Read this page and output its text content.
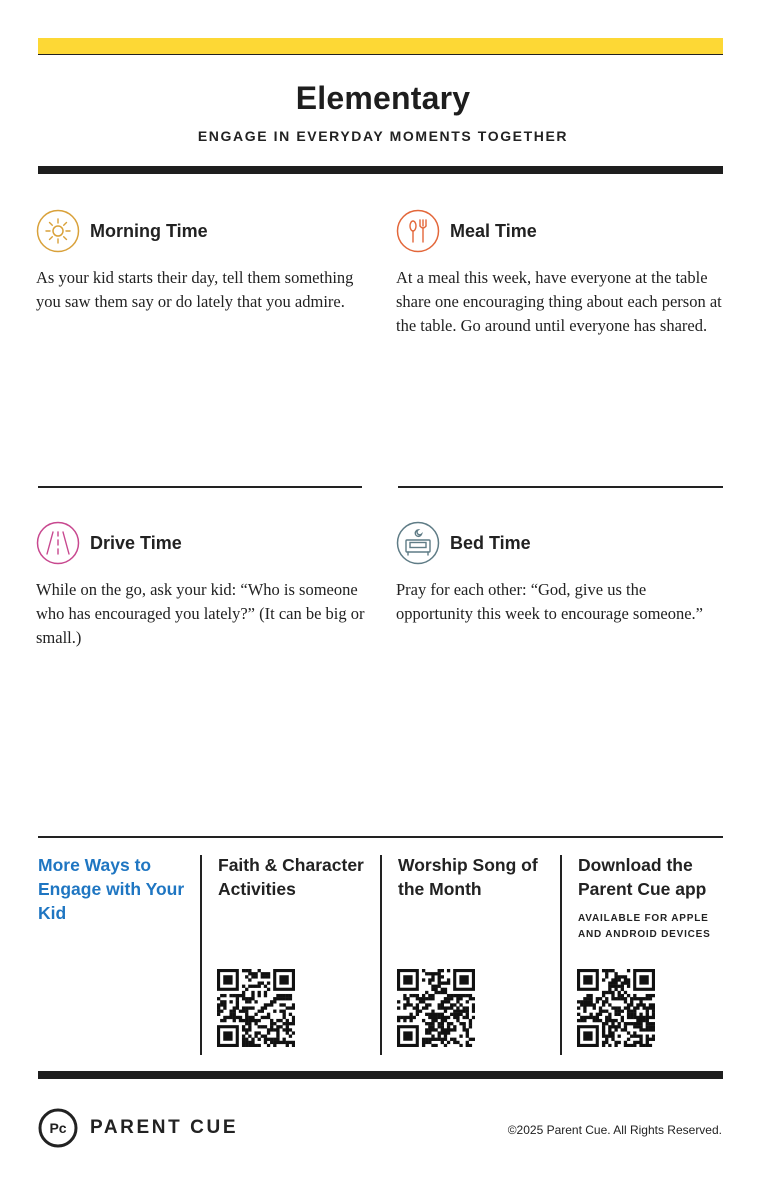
Elementary
ENGAGE IN EVERYDAY MOMENTS TOGETHER
Morning Time
As your kid starts their day, tell them something you saw them say or do lately that you admire.
Meal Time
At a meal this week, have everyone at the table share one encouraging thing about each person at the table. Go around until everyone has shared.
Drive Time
While on the go, ask your kid: “Who is someone who has encouraged you lately?” (It can be big or small.)
Bed Time
Pray for each other: “God, give us the opportunity this week to encourage someone.”
More Ways to Engage with Your Kid
Faith & Character Activities
Worship Song of the Month
Download the Parent Cue app
AVAILABLE FOR APPLE AND ANDROID DEVICES
Pc PARENT CUE	©2025 Parent Cue. All Rights Reserved.
